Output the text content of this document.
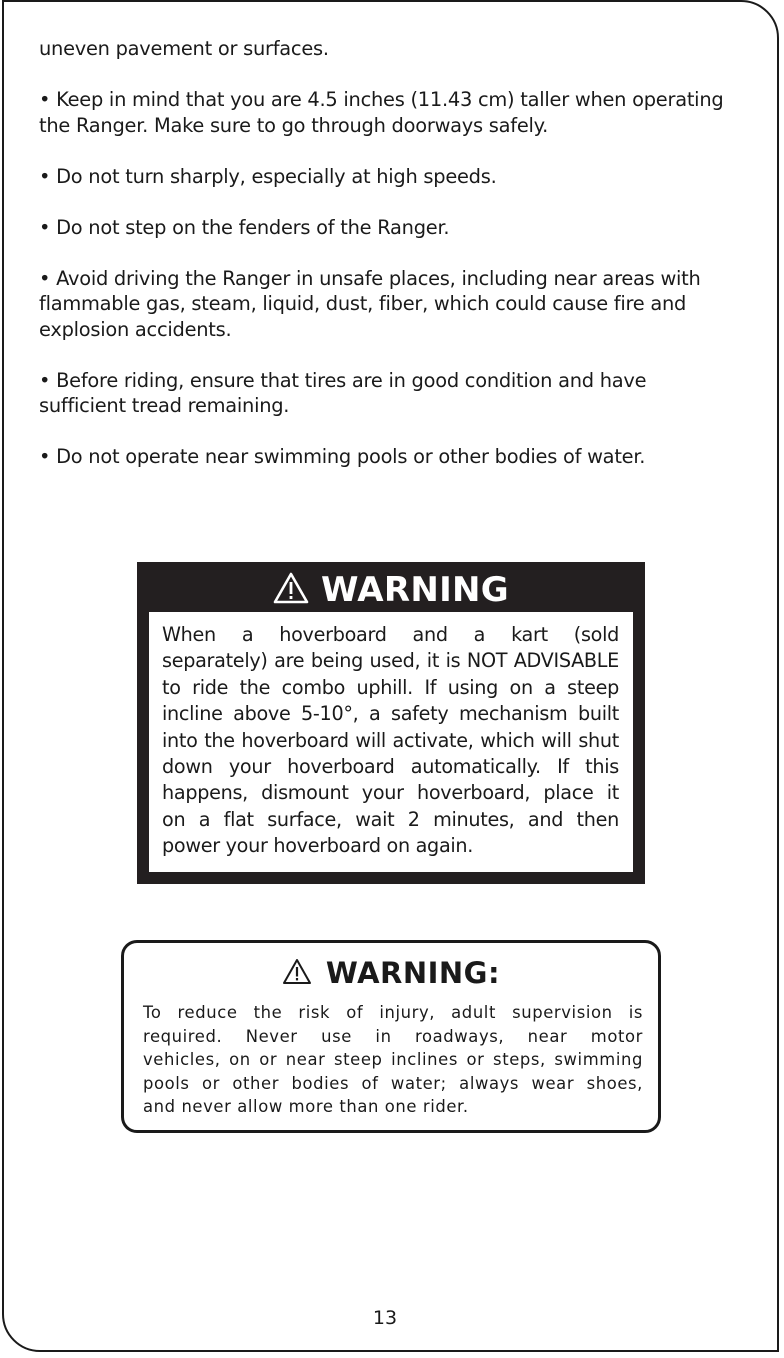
uneven pavement or surfaces.

• Keep in mind that you are 4.5 inches (11.43 cm) taller when operating
the Ranger. Make sure to go through doorways safely.

• Do not turn sharply, especially at high speeds.

• Do not step on the fenders of the Ranger.

• Avoid driving the Ranger in unsafe places, including near areas with
flammable gas, steam, liquid, dust, fiber, which could cause fire and
explosion accidents.

• Before riding, ensure that tires are in good condition and have
sufficient tread remaining.

• Do not operate near swimming pools or other bodies of water.

WARNING
When a hoverboard and a kart (sold
separately) are being used, it is NOT ADVISABLE
to ride the combo uphill. If using on a steep
incline above 5-10°, a safety mechanism built
into the hoverboard will activate, which will shut
down your hoverboard automatically. If this
happens, dismount your hoverboard, place it
on a flat surface, wait 2 minutes, and then
power your hoverboard on again.
WARNING:
To reduce the risk of injury, adult supervision is
required. Never use in roadways, near motor
vehicles, on or near steep inclines or steps, swimming
pools or other bodies of water; always wear shoes,
and never allow more than one rider.
13
